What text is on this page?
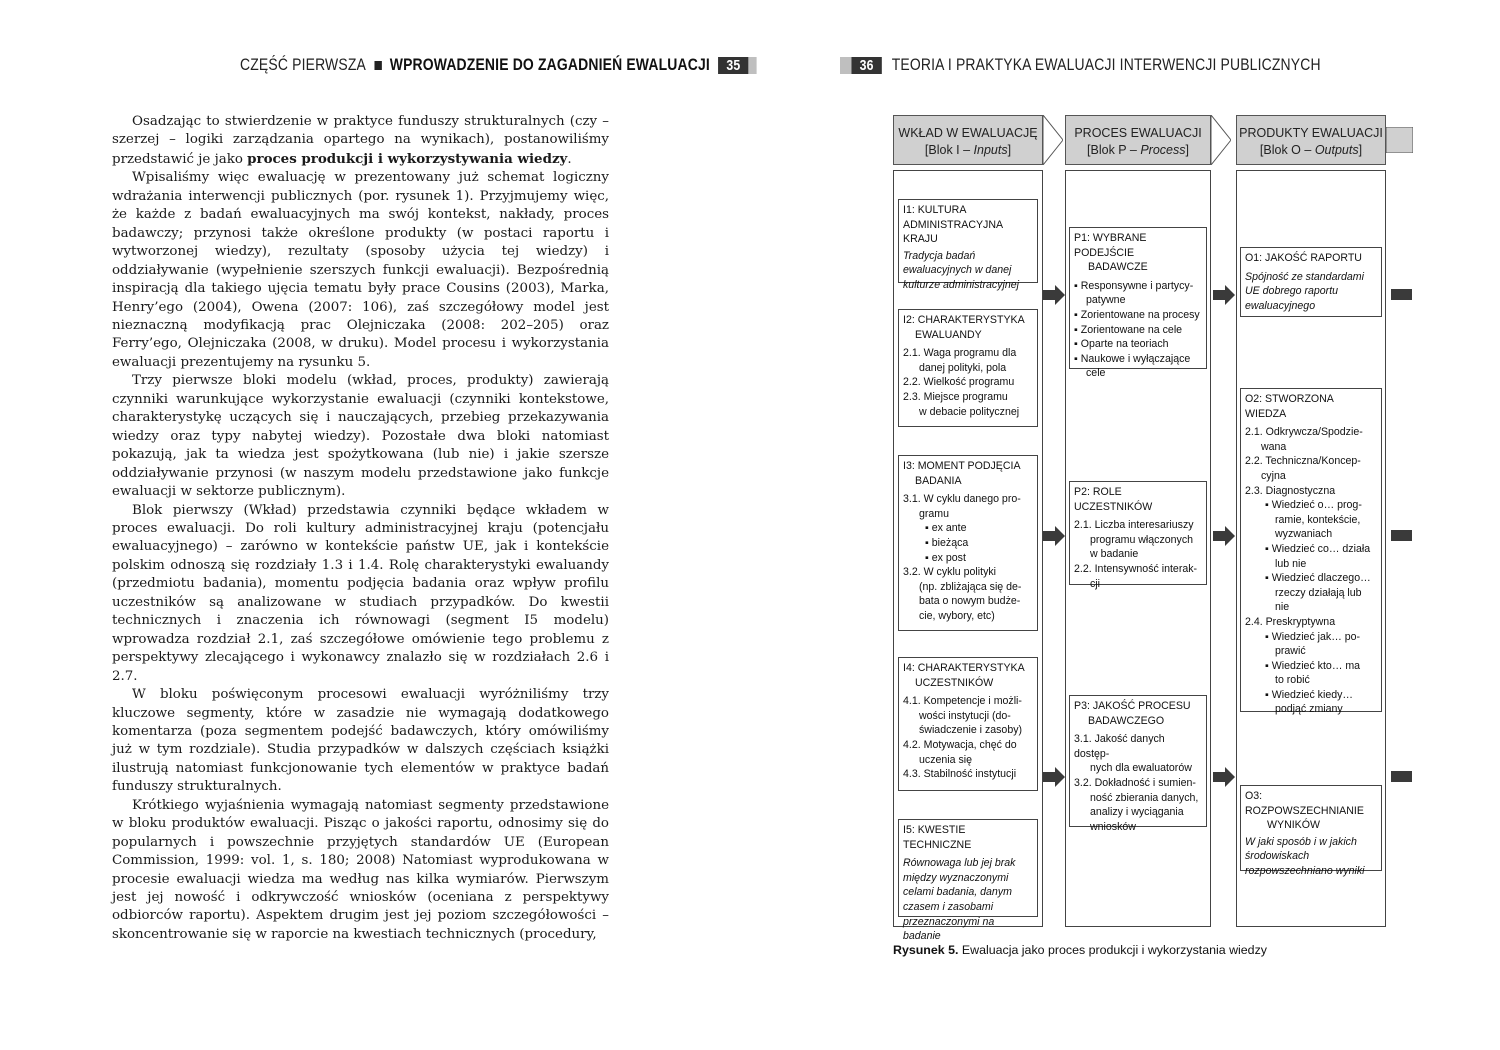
CZĘŚĆ PIERWSZA WPROWADZENIE DO ZAGADNIEŃ EWALUACJI	35	36	TEORIA I PRAKTYKA EWALUACJI INTERWENCJI PUBLICZNYCH

Osadzając to stwierdzenie w praktyce funduszy strukturalnych (czy – szerzej – logiki zarządzania opartego na wynikach), postanowiliśmy przedstawić je jako proces produkcji i wykorzystywania wiedzy.

Wpisaliśmy więc ewaluację w prezentowany już schemat logiczny wdrażania interwencji publicznych (por. rysunek 1). Przyjmujemy więc, że każde z badań ewaluacyjnych ma swój kontekst, nakłady, proces badawczy; przynosi także określone produkty (w postaci raportu i wytworzonej wiedzy), rezultaty (sposoby użycia tej wiedzy) i oddziaływanie (wypełnienie szerszych funkcji ewaluacji). Bezpośrednią inspiracją dla takiego ujęcia tematu były prace Cousins (2003), Marka, Henry’ego (2004), Owena (2007: 106), zaś szczegółowy model jest nieznaczną modyfikacją prac Olejniczaka (2008: 202–205) oraz Ferry’ego, Olejniczaka (2008, w druku). Model procesu i wykorzystania ewaluacji prezentujemy na rysunku 5.

Trzy pierwsze bloki modelu (wkład, proces, produkty) zawierają czynniki warunkujące wykorzystanie ewaluacji (czynniki kontekstowe, charakterystykę uczących się i nauczających, przebieg przekazywania wiedzy oraz typy nabytej wiedzy). Pozostałe dwa bloki natomiast pokazują, jak ta wiedza jest spożytkowana (lub nie) i jakie szersze oddziaływanie przynosi (w naszym modelu przedstawione jako funkcje ewaluacji w sektorze publicznym).

Blok pierwszy (Wkład) przedstawia czynniki będące wkładem w proces ewaluacji. Do roli kultury administracyjnej kraju (potencjału ewaluacyjnego) – zarówno w kontekście państw UE, jak i kontekście polskim odnoszą się rozdziały 1.3 i 1.4. Rolę charakterystyki ewaluandy (przedmiotu badania), momentu podjęcia badania oraz wpływ profilu uczestników są analizowane w studiach przypadków. Do kwestii technicznych i znaczenia ich równowagi (segment I5 modelu) wprowadza rozdział 2.1, zaś szczegółowe omówienie tego problemu z perspektywy zlecającego i wykonawcy znalazło się w rozdziałach 2.6 i 2.7.

W bloku poświęconym procesowi ewaluacji wyróżniliśmy trzy kluczowe segmenty, które w zasadzie nie wymagają dodatkowego komentarza (poza segmentem podejść badawczych, który omówiliśmy już w tym rozdziale). Studia przypadków w dalszych częściach książki ilustrują natomiast funkcjonowanie tych elementów w praktyce badań funduszy strukturalnych.

Krótkiego wyjaśnienia wymagają natomiast segmenty przedstawione w bloku produktów ewaluacji. Pisząc o jakości raportu, odnosimy się do popularnych i powszechnie przyjętych standardów UE (European Commission, 1999: vol. 1, s. 180; 2008) Natomiast wyprodukowana w procesie ewaluacji wiedza ma według nas kilka wymiarów. Pierwszym jest jej nowość i odkrywczość wniosków (oceniana z perspektywy odbiorców raportu). Aspektem drugim jest jej poziom szczegółowości – skoncentrowanie się w raporcie na kwestiach technicznych (procedury,

WKŁAD W EWALUACJĘ
[Blok I – Inputs]
PROCES EWALUACJI
[Blok P – Process]
PRODUKTY EWALUACJI
[Blok O – Outputs]
I1: KULTURA ADMINISTRACYJNA KRAJU
Tradycja badań ewaluacyjnych w danej kulturze administracyjnej
I2: CHARAKTERYSTYKA
EWALUANDY
2.1. Waga programu dla
danej polityki, pola
2.2. Wielkość programu
2.3. Miejsce programu
w debacie politycznej
I3: MOMENT PODJĘCIA
BADANIA
3.1. W cyklu danego pro-
gramu
▪ ex ante
▪ bieżąca
▪ ex post
3.2. W cyklu polityki
(np. zbliżająca się de-
bata o nowym budże-
cie, wybory, etc)
I4: CHARAKTERYSTYKA
UCZESTNIKÓW
4.1. Kompetencje i możli-
wości instytucji (do-
świadczenie i zasoby)
4.2. Motywacja, chęć do
uczenia się
4.3. Stabilność instytucji
I5: KWESTIE TECHNICZNE
Równowaga lub jej brak między wyznaczonymi celami badania, danym czasem i zasobami przeznaczonymi na badanie
P1: WYBRANE PODEJŚCIE
BADAWCZE
▪ Responsywne i partycy-
patywne
▪ Zorientowane na procesy
▪ Zorientowane na cele
▪ Oparte na teoriach
▪ Naukowe i wyłączające
cele
P2: ROLE UCZESTNIKÓW
2.1. Liczba interesariuszy
programu włączonych
w badanie
2.2. Intensywność interak-
cji
P3: JAKOŚĆ PROCESU
BADAWCZEGO
3.1. Jakość danych dostęp-
nych dla ewaluatorów
3.2. Dokładność i sumien-
ność zbierania danych,
analizy i wyciągania
wniosków
O1: JAKOŚĆ RAPORTU
Spójność ze standardami UE dobrego raportu ewaluacyjnego
O2: STWORZONA WIEDZA
2.1. Odkrywcza/Spodzie-
wana
2.2. Techniczna/Koncep-
cyjna
2.3. Diagnostyczna
▪ Wiedzieć o… prog-
ramie, kontekście,
wyzwaniach
▪ Wiedzieć co… działa
lub nie
▪ Wiedzieć dlaczego…
rzeczy działają lub
nie
2.4. Preskryptywna
▪ Wiedzieć jak… po-
prawić
▪ Wiedzieć kto… ma
to robić
▪ Wiedzieć kiedy…
podjąć zmiany
O3: ROZPOWSZECHNIANIE
WYNIKÓW
W jaki sposób i w jakich środowiskach rozpowszechniano wyniki
Rysunek 5. Ewaluacja jako proces produkcji i wykorzystania wiedzy
